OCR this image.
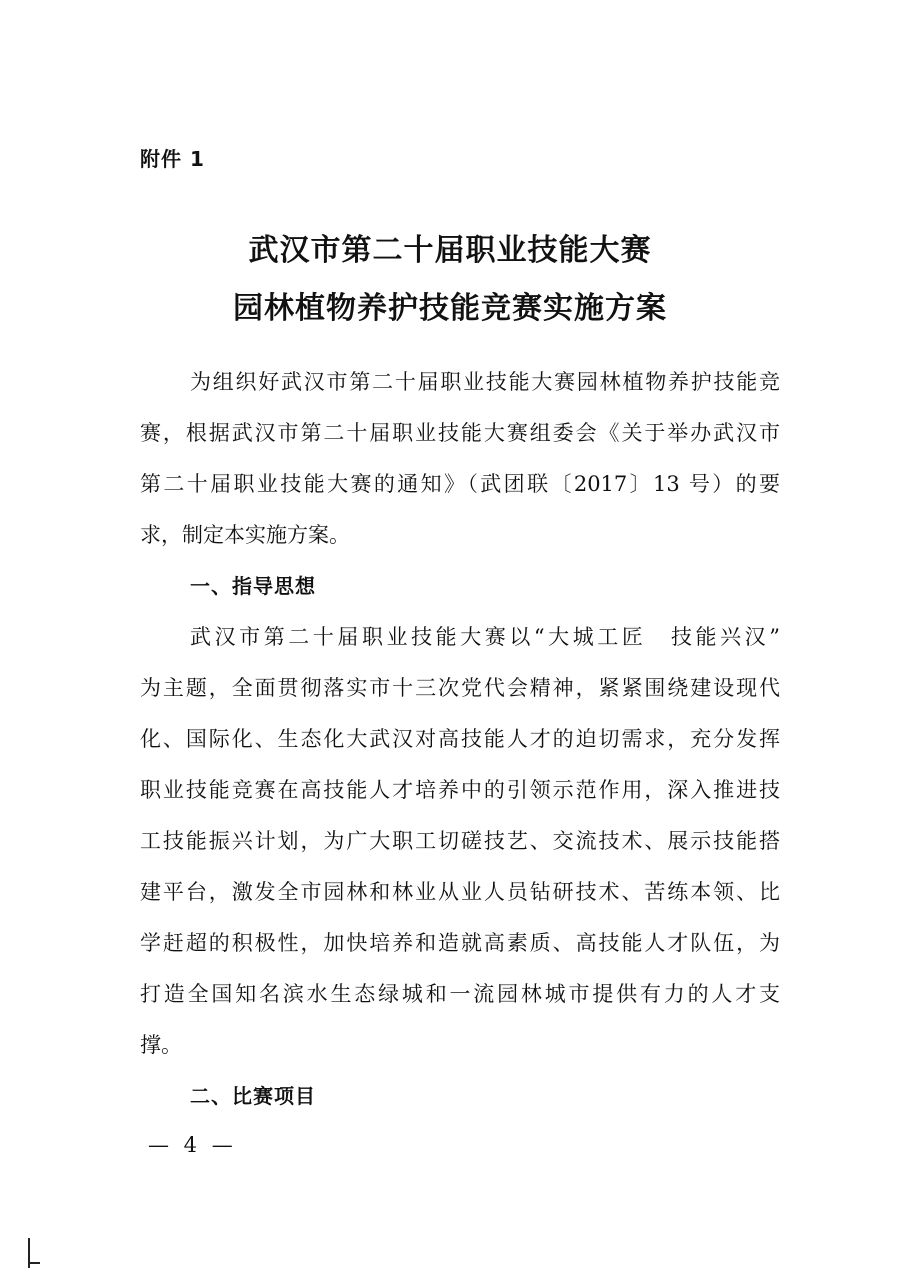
附件 1
武汉市第二十届职业技能大赛
园林植物养护技能竞赛实施方案
为组织好武汉市第二十届职业技能大赛园林植物养护技能竞
赛，根据武汉市第二十届职业技能大赛组委会《关于举办武汉市
第二十届职业技能大赛的通知》（武团联〔2017〕13 号）的要
求，制定本实施方案。
一、指导思想
武汉市第二十届职业技能大赛以“大城工匠　技能兴汉”
为主题，全面贯彻落实市十三次党代会精神，紧紧围绕建设现代
化、国际化、生态化大武汉对高技能人才的迫切需求，充分发挥
职业技能竞赛在高技能人才培养中的引领示范作用，深入推进技
工技能振兴计划，为广大职工切磋技艺、交流技术、展示技能搭
建平台，激发全市园林和林业从业人员钻研技术、苦练本领、比
学赶超的积极性，加快培养和造就高素质、高技能人才队伍，为
打造全国知名滨水生态绿城和一流园林城市提供有力的人才支
撑。
二、比赛项目
— 4 —
